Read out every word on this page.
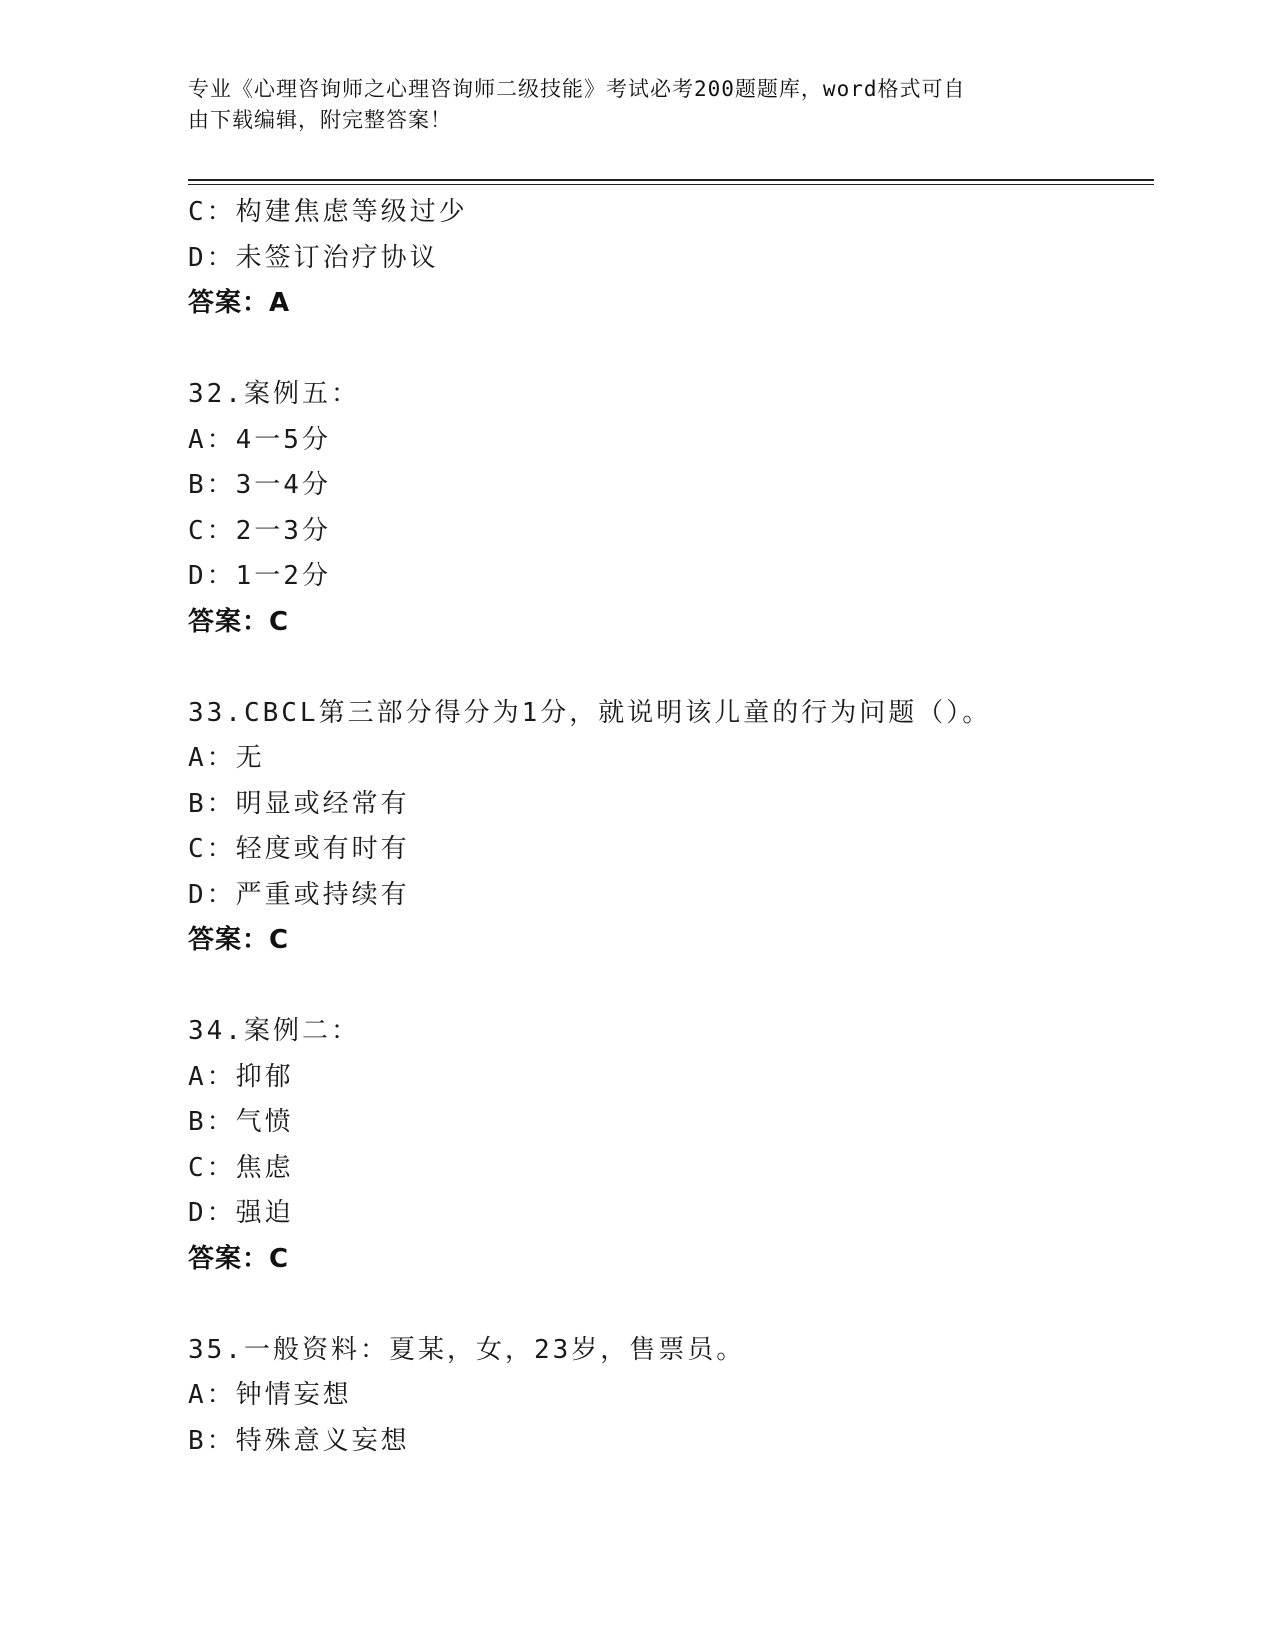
专业《心理咨询师之心理咨询师二级技能》考试必考200题题库，word格式可自
由下载编辑，附完整答案！
C：构建焦虑等级过少
D：未签订治疗协议
答案：A
32.案例五：
A：4一5分
B：3一4分
C：2一3分
D：1一2分
答案：C
33.CBCL第三部分得分为1分，就说明该儿童的行为问题（）。
A：无
B：明显或经常有
C：轻度或有时有
D：严重或持续有
答案：C
34.案例二：
A：抑郁
B：气愤
C：焦虑
D：强迫
答案：C
35.一般资料：夏某，女，23岁，售票员。
A：钟情妄想
B：特殊意义妄想
